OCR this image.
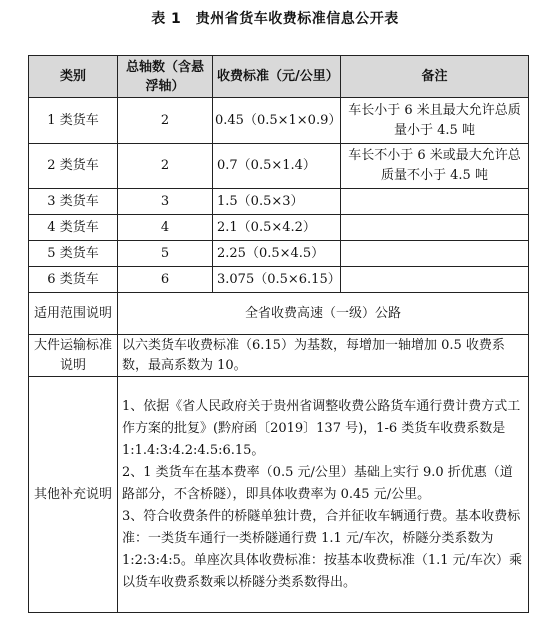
表 1　贵州省货车收费标准信息公开表
类别	总轴数（含悬浮轴）	收费标准（元/公里）	备注
1 类货车	2	0.45（0.5×1×0.9）	车长小于 6 米且最大允许总质量小于 4.5 吨
2 类货车	2	0.7（0.5×1.4）	车长不小于 6 米或最大允许总质量不小于 4.5 吨
3 类货车	3	1.5（0.5×3）	
4 类货车	4	2.1（0.5×4.2）	
5 类货车	5	2.25（0.5×4.5）	
6 类货车	6	3.075（0.5×6.15）	
适用范围说明	全省收费高速（一级）公路		
大件运输标准说明	以六类货车收费标准（6.15）为基数，每增加一轴增加 0.5 收费系数，最高系数为 10。		
其他补充说明	1、依据《省人民政府关于贵州省调整收费公路货车通行费计费方式工作方案的批复》(黔府函〔2019〕137 号)，1-6 类货车收费系数是 1:1.4:3:4.2:4.5:6.15。
2、1 类货车在基本费率（0.5 元/公里）基础上实行 9.0 折优惠（道路部分，不含桥隧），即具体收费率为 0.45 元/公里。
3、符合收费条件的桥隧单独计费，合并征收车辆通行费。基本收费标准：一类货车通行一类桥隧通行费 1.1 元/车次，桥隧分类系数为 1:2:3:4:5。单座次具体收费标准：按基本收费标准（1.1 元/车次）乘以货车收费系数乘以桥隧分类系数得出。		
